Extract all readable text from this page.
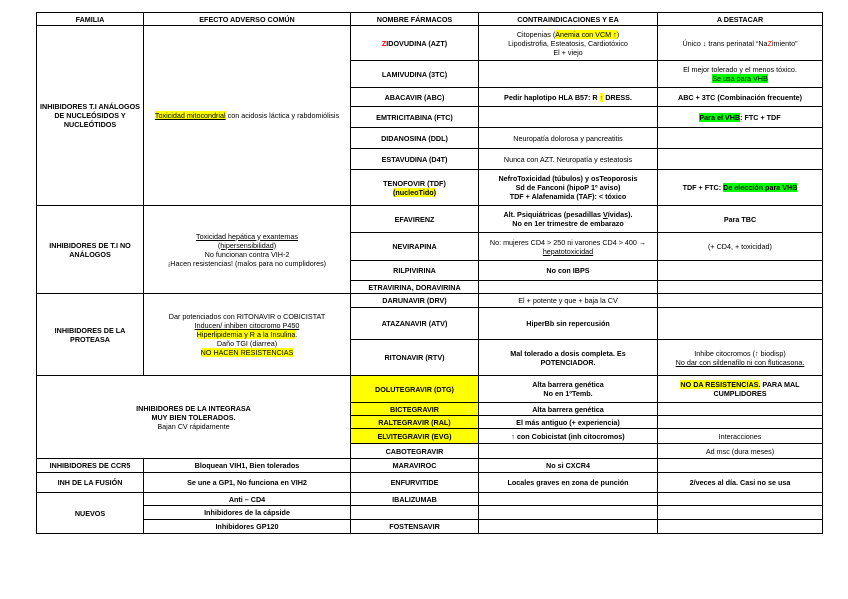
FAMILIA	EFECTO ADVERSO COMÚN	NOMBRE FÁRMACOS	CONTRAINDICACIONES Y EA	A DESTACAR
INHIBIDORES T.I ANÁLOGOS DE NUCLEÓSIDOS Y NUCLEÓTIDOS	Toxicidad mitocondrial con acidosis láctica y rabdomiólisis	ZIDOVUDINA (AZT)	Citopenias (Anemia con VCM ↑)
Lipodistrofia, Esteatosis, Cardiotóxico
El + viejo	Único ↓ trans perinatal “NaZimiento”
		LAMIVUDINA (3TC)		El mejor tolerado y el menos tóxico.
Se usa para VHB
		ABACAVIR (ABC)	Pedir haplotipo HLA B57: R ↑ DRESS.	ABC + 3TC (Combinación frecuente)
		EMTRICITABINA (FTC)		Para el VHB: FTC + TDF
		DIDANOSINA (DDL)	Neuropatía dolorosa y pancreatitis	
		ESTAVUDINA (D4T)	Nunca con AZT. Neuropatía y esteatosis	
		TENOFOVIR (TDF)
(nucleoTido)	NefroToxicidad (túbulos) y osTeoporosis
Sd de Fanconi (hipoP 1º aviso)
TDF + Alafenamida (TAF): < tóxico	TDF + FTC: De elección para VHB
INHIBIDORES DE T.I NO ANÁLOGOS	Toxicidad hepática y exantemas
(hipersensibilidad)
No funcionan contra VIH-2
¡Hacen resistencias! (malos para no cumplidores)	EFAVIRENZ	Alt. Psiquiátricas (pesadillas Vívidas).
No en 1er trimestre de embarazo	Para TBC
		NEVIRAPINA	No: mujeres CD4 > 250 ni varones CD4 > 400 → hepatotoxicidad	(+ CD4, + toxicidad)
		RILPIVIRINA	No con IBPS	
		ETRAVIRINA, DORAVIRINA		
INHIBIDORES DE LA PROTEASA	Dar potenciados con RITONAVIR o COBICISTAT
Inducen/ inhiben citocromo P450
Hiperlipidemia y R a la Insulina.
Daño TGI (diarrea)
NO HACEN RESISTENCIAS	DARUNAVIR (DRV)	El + potente y que + baja la CV	
		ATAZANAVIR (ATV)	HiperBb sin repercusión	
		RITONAVIR (RTV)	Mal tolerado a dosis completa. Es POTENCIADOR.	Inhibe citocromos (↑ biodisp)
No dar con sildenafilo ni con fluticasona.
INHIBIDORES DE LA INTEGRASA
MUY BIEN TOLERADOS.
Bajan CV rápidamente		DOLUTEGRAVIR (DTG)	Alta barrera genética
No en 1ºTemb.	NO DA RESISTENCIAS. PARA MAL CUMPLIDORES
		BICTEGRAVIR	Alta barrera genética	
		RALTEGRAVIR (RAL)	El más antiguo (+ experiencia)	
		ELVITEGRAVIR (EVG)	↑ con Cobicistat (inh citocromos)	Interacciones
		CABOTEGRAVIR		Ad msc (dura meses)
INHIBIDORES DE CCR5	Bloquean VIH1, Bien tolerados	MARAVIROC	No si CXCR4	
INH DE LA FUSIÓN	Se une a GP1, No funciona en VIH2	ENFURVITIDE	Locales graves en zona de punción	2/veces al día. Casi no se usa
NUEVOS	Anti – CD4	IBALIZUMAB		
	Inhibidores de la cápside			
	Inhibidores GP120	FOSTENSAVIR		
